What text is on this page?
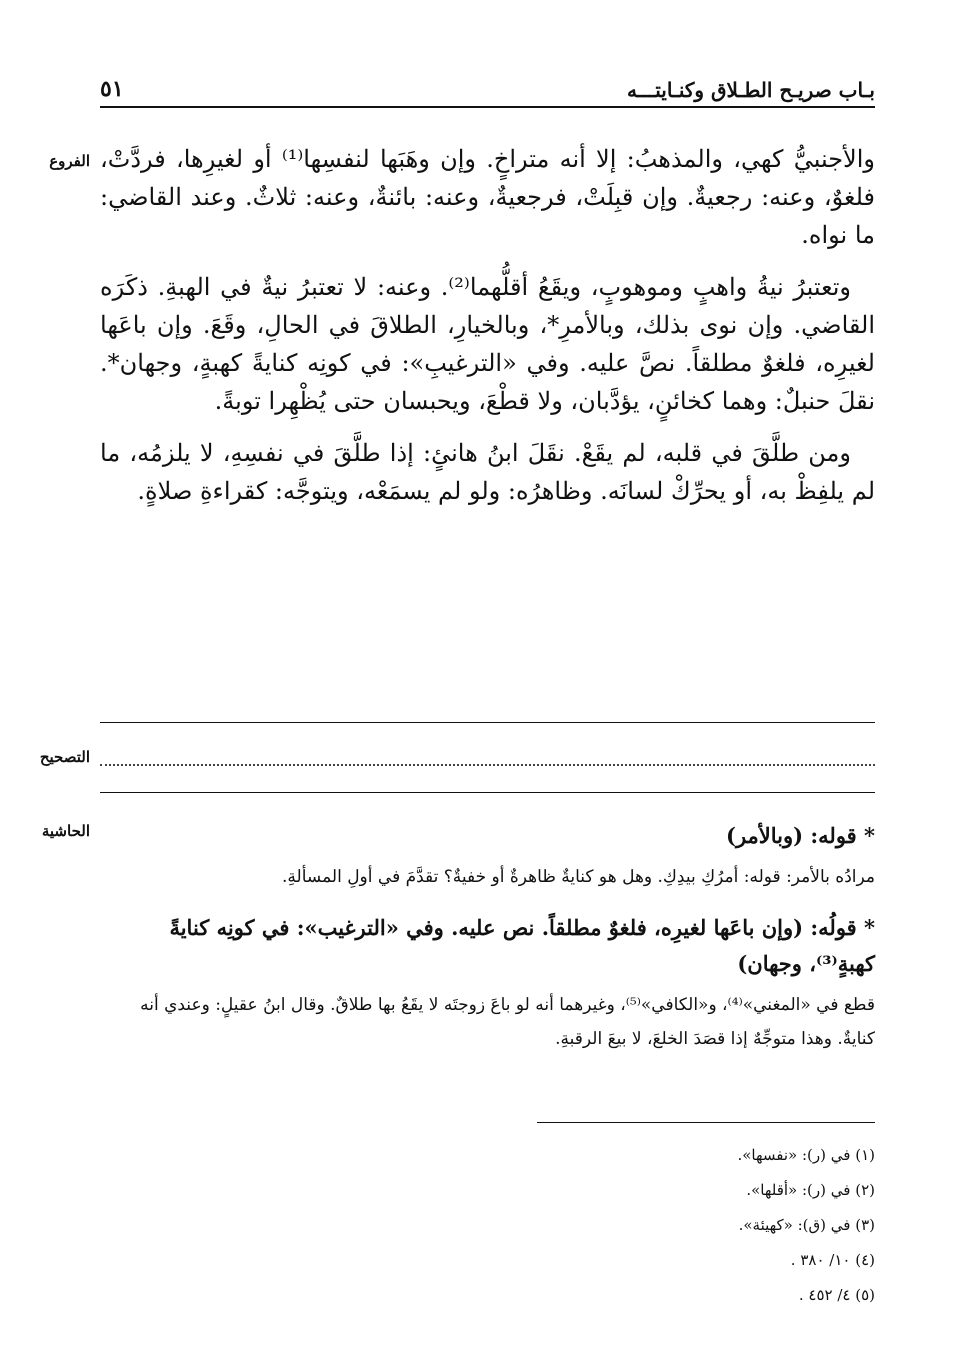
بـاب صريـح الطـلاق وكنـايتـــه
٥١
الفروع والأجنبيُّ كهي، والمذهبُ: إلا أنه متراخٍ. وإن وهَبَها لنفسِها⁽¹⁾ أو لغيرِها، فردَّتْ، فلغوٌ، وعنه: رجعيةٌ. وإن قبِلَتْ، فرجعيةٌ، وعنه: بائنةٌ، وعنه: ثلاثٌ. وعند القاضي: ما نواه.

وتعتبرُ نيةُ واهبٍ وموهوبٍ، ويقَعُ أقلُّهما⁽²⁾. وعنه: لا تعتبرُ نيةٌ في الهبةِ. ذكَرَه القاضي. وإن نوى بذلك، وبالأمرِ*، وبالخيارِ، الطلاقَ في الحالِ، وقَعَ. وإن باعَها لغيرِه، فلغوٌ مطلقاً. نصَّ عليه. وفي «الترغيبِ»: في كونِه كنايةً كهبةٍ، وجهان*. نقلَ حنبلٌ: وهما كخائنٍ، يؤدَّبان، ولا قطْعَ، ويحبسان حتى يُظْهِرا توبةً.

ومن طلَّقَ في قلبه، لم يقَعْ. نقَلَ ابنُ هانئٍ: إذا طلَّقَ في نفسِهِ، لا يلزمُه، ما لم يلفِظْ به، أو يحرِّكْ لسانَه. وظاهرُه: ولو لم يسمَعْه، ويتوجَّه: كقراءةِ صلاةٍ.

التصحيح
الحاشية	* قوله: (وبالأمر)

مرادُه بالأمر: قوله: أمرُكِ بيدِكِ. وهل هو كنايةٌ ظاهرةٌ أو خفيةٌ؟ تقدَّمَ في أولِ المسألةِ.

* قولُه: (وإن باعَها لغيرِه، فلغوٌ مطلقاً. نص عليه. وفي «الترغيب»: في كونِه كنايةً كهبةٍ⁽³⁾، وجهان)

قطع في «المغني»⁽⁴⁾، و«الكافي»⁽⁵⁾، وغيرهما أنه لو باعَ زوجتَه لا يقَعُ بها طلاقٌ. وقال ابنُ عقيلٍ: وعندي أنه كنايةٌ. وهذا متوجِّهٌ إذا قصَدَ الخلعَ، لا بيعَ الرقبةِ.

(١) في (ر): «نفسها».
(٢) في (ر): «أقلها».
(٣) في (ق): «كهيئة».
(٤) ١٠/ ٣٨٠ .
(٥) ٤/ ٤٥٢ .
